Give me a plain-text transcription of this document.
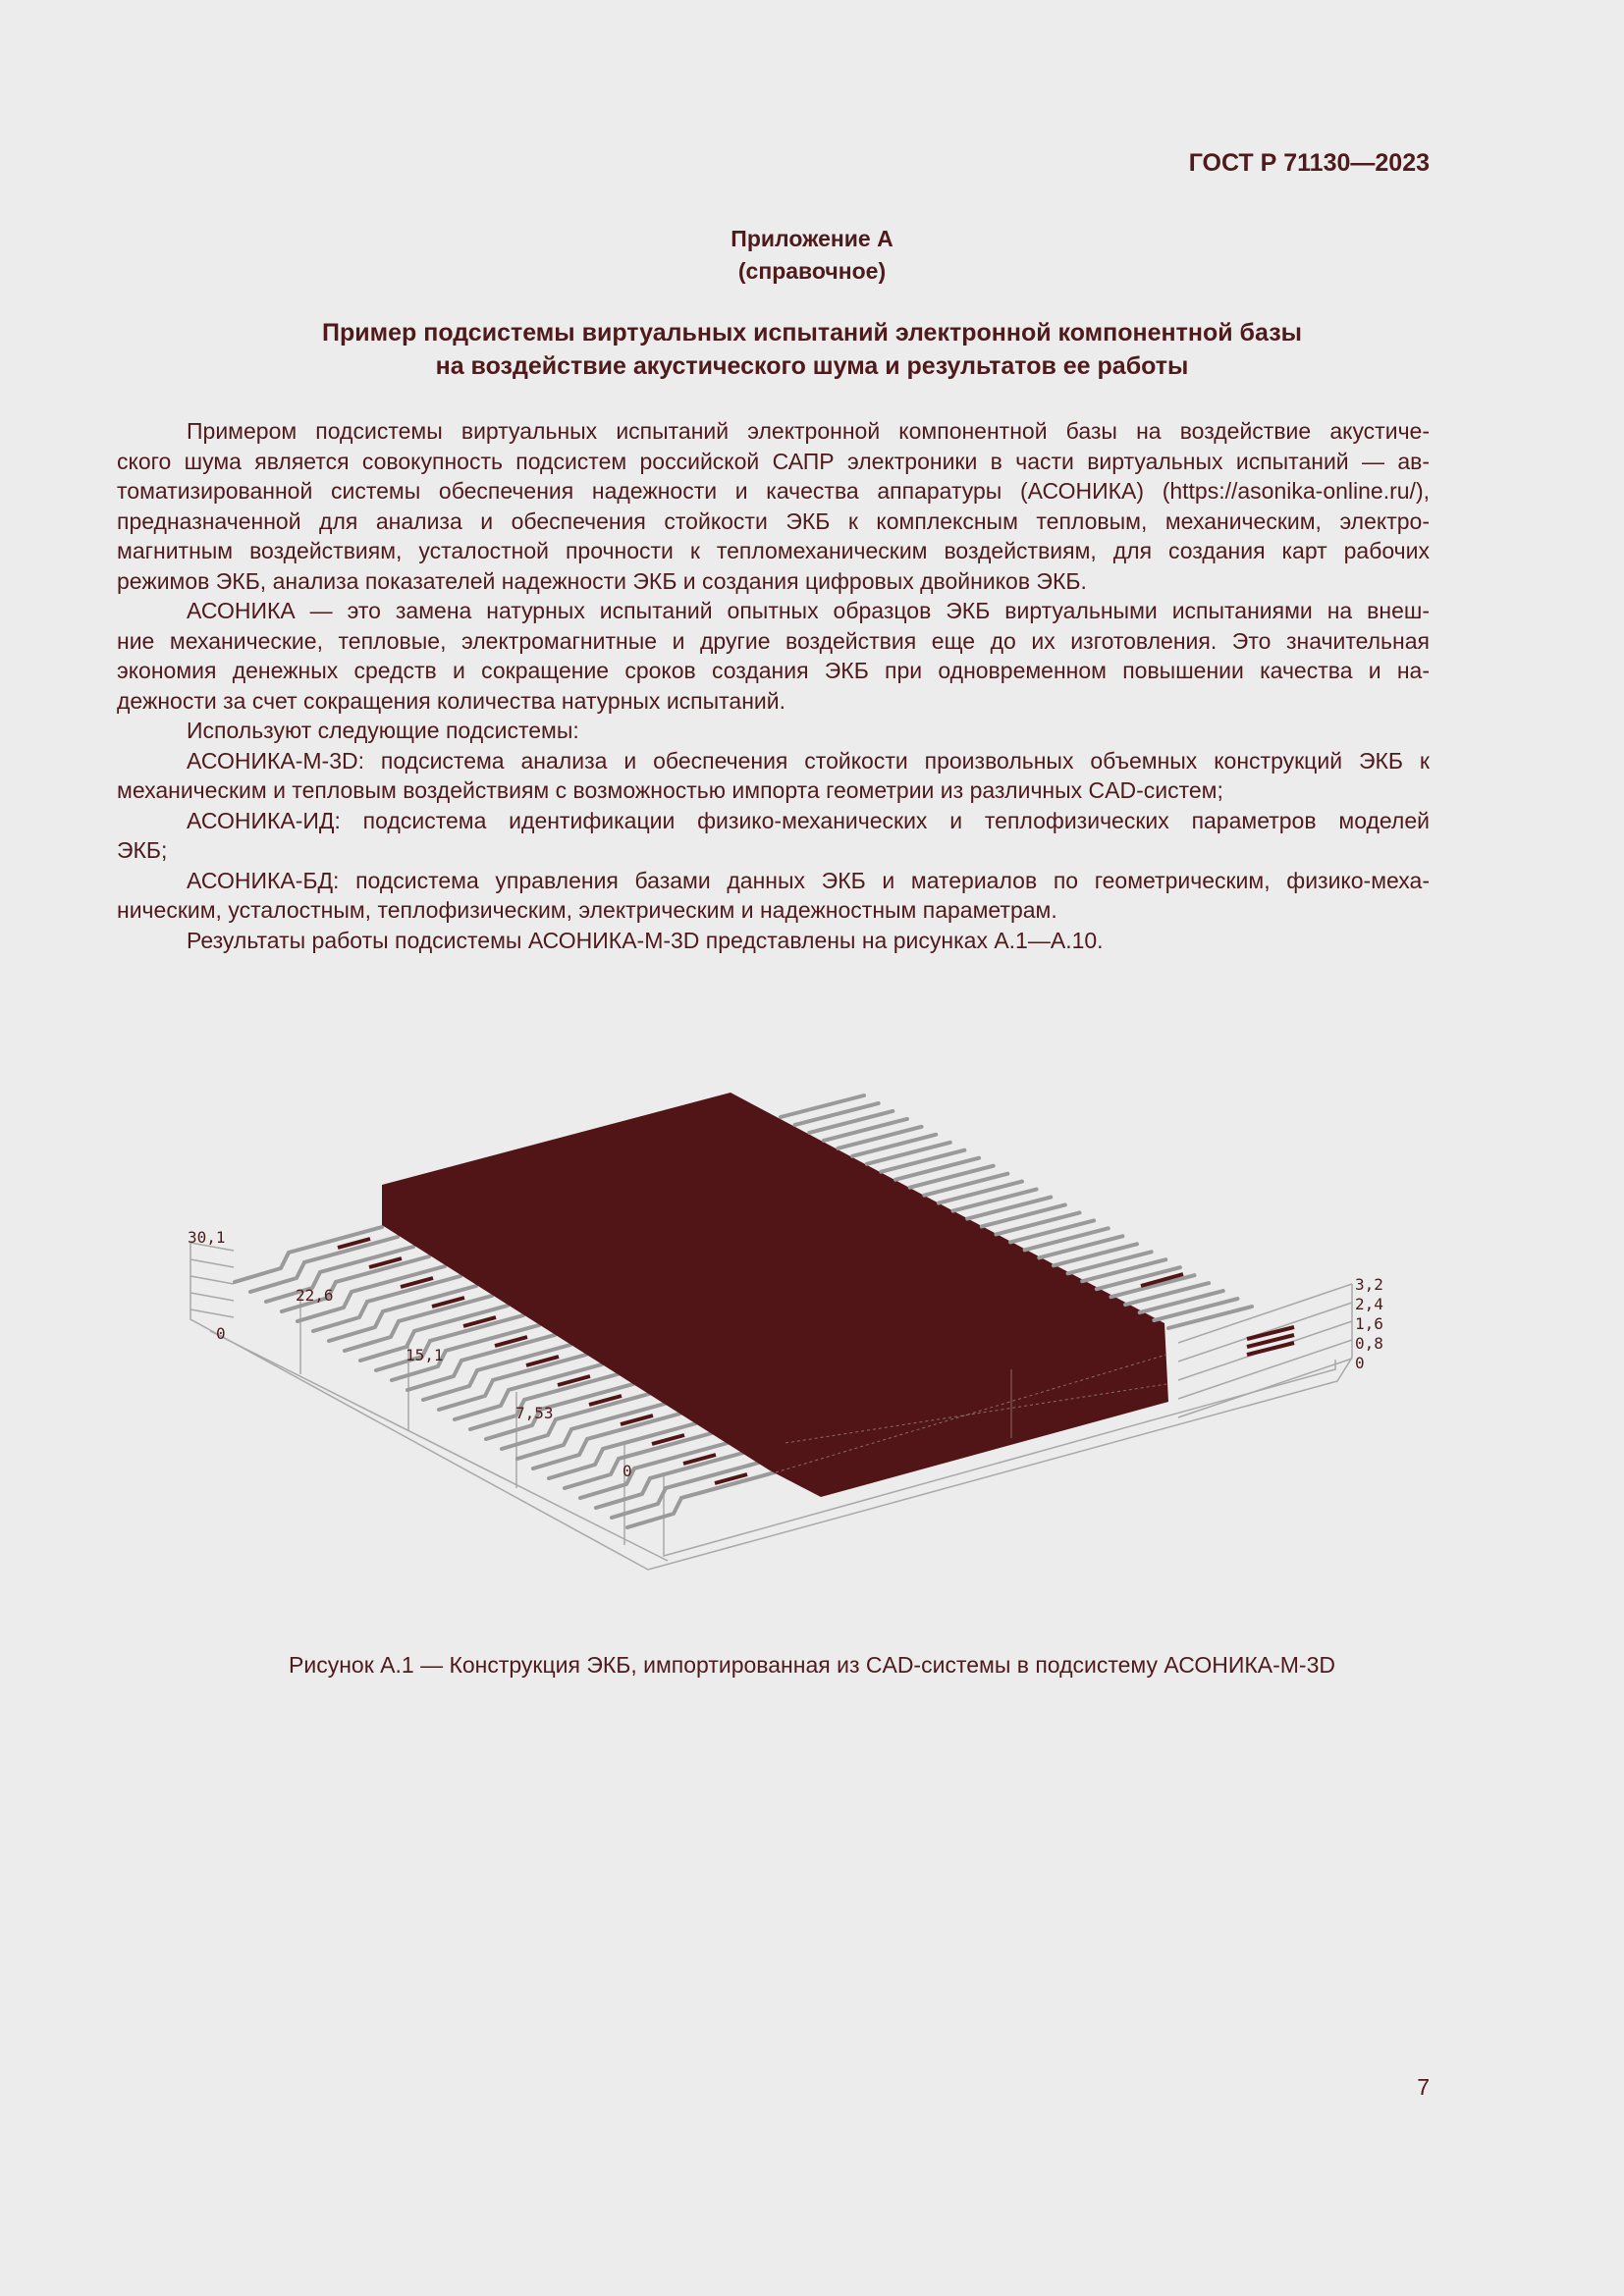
ГОСТ Р 71130—2023
Приложение А
(справочное)
Пример подсистемы виртуальных испытаний электронной компонентной базы
на воздействие акустического шума и результатов ее работы
Примером подсистемы виртуальных испытаний электронной компонентной базы на воздействие акустиче-
ского шума является совокупность подсистем российской САПР электроники в части виртуальных испытаний — ав-
томатизированной системы обеспечения надежности и качества аппаратуры (АСОНИКА) (https://asonika-online.ru/),
предназначенной для анализа и обеспечения стойкости ЭКБ к комплексным тепловым, механическим, электро-
магнитным воздействиям, усталостной прочности к тепломеханическим воздействиям, для создания карт рабочих
режимов ЭКБ, анализа показателей надежности ЭКБ и создания цифровых двойников ЭКБ.
АСОНИКА — это замена натурных испытаний опытных образцов ЭКБ виртуальными испытаниями на внеш-
ние механические, тепловые, электромагнитные и другие воздействия еще до их изготовления. Это значительная
экономия денежных средств и сокращение сроков создания ЭКБ при одновременном повышении качества и на-
дежности за счет сокращения количества натурных испытаний.
Используют следующие подсистемы:
АСОНИКА-М-3D: подсистема анализа и обеспечения стойкости произвольных объемных конструкций ЭКБ к
механическим и тепловым воздействиям с возможностью импорта геометрии из различных CAD-систем;
АСОНИКА-ИД: подсистема идентификации физико-механических и теплофизических параметров моделей
ЭКБ;
АСОНИКА-БД: подсистема управления базами данных ЭКБ и материалов по геометрическим, физико-меха-
ническим, усталостным, теплофизическим, электрическим и надежностным параметрам.
Результаты работы подсистемы АСОНИКА-М-3D представлены на рисунках А.1—А.10.
30,1
22,6
0
15,1
7,53
0
3,2
2,4
1,6
0,8
0
Рисунок А.1 — Конструкция ЭКБ, импортированная из CAD-системы в подсистему АСОНИКА-М-3D
7
